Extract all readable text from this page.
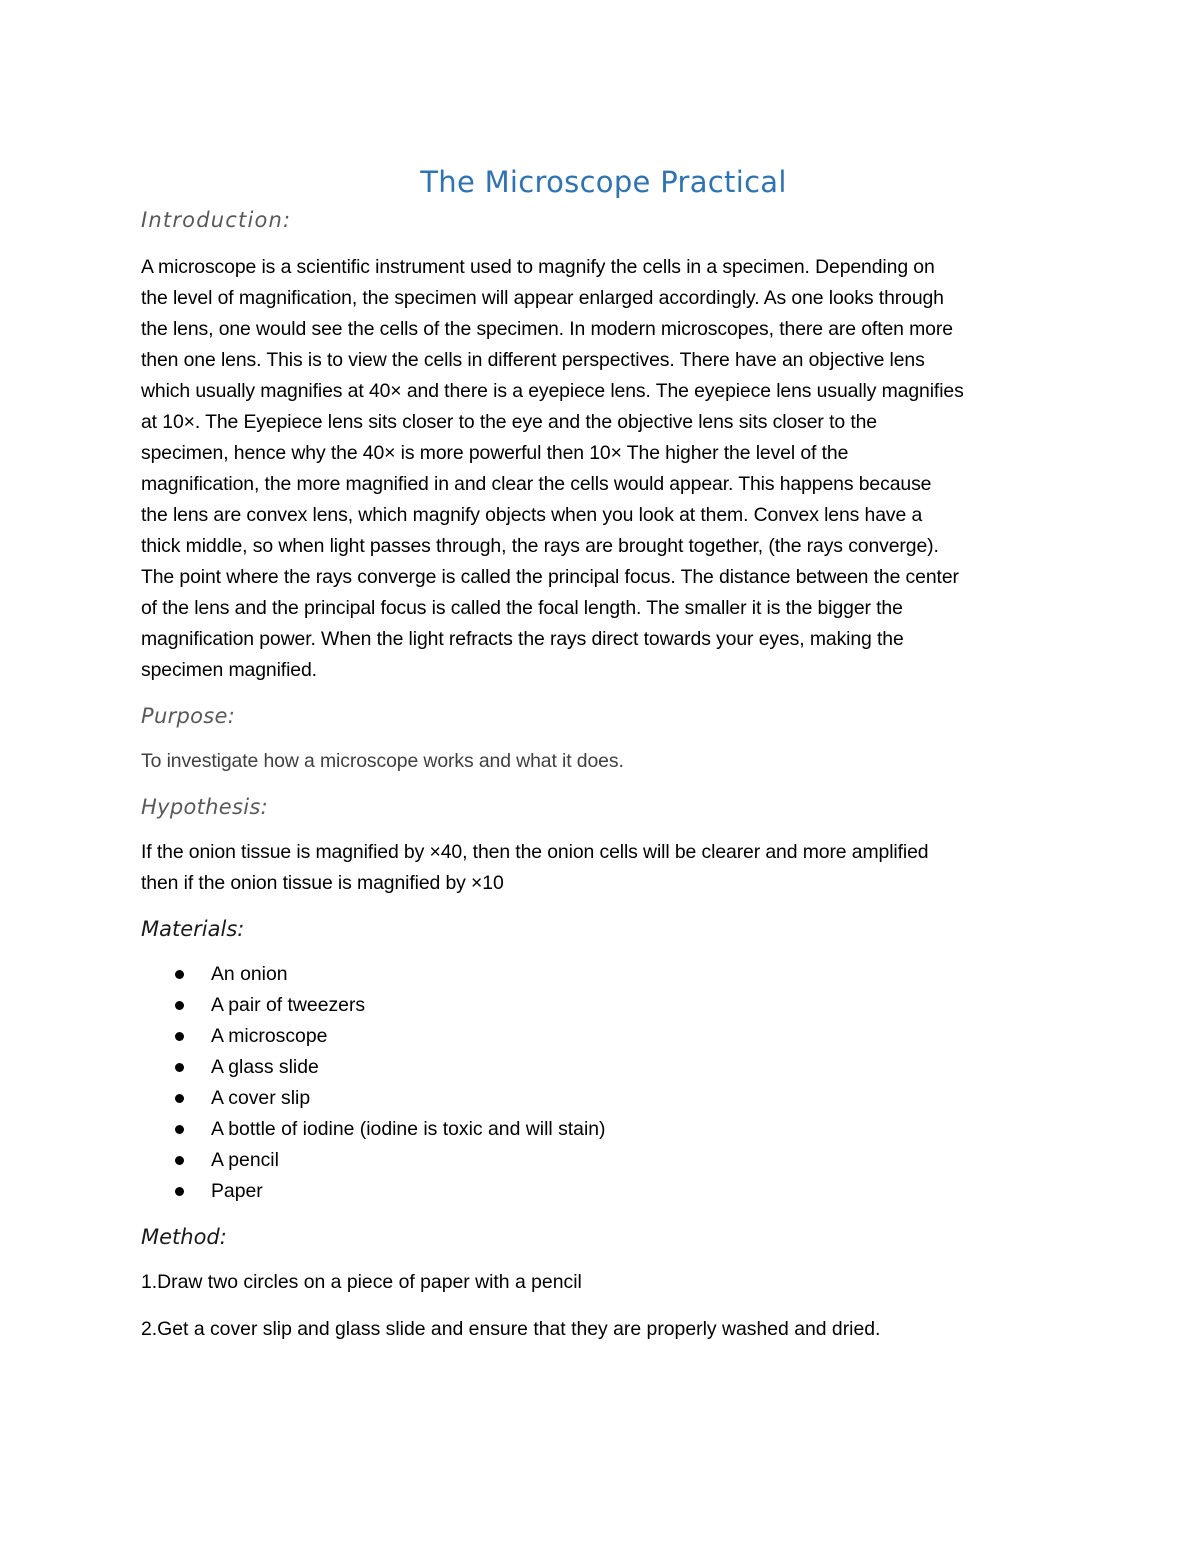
The Microscope Practical
Introduction:
A microscope is a scientific instrument used to magnify the cells in a specimen. Depending on
the level of magnification, the specimen will appear enlarged accordingly. As one looks through
the lens, one would see the cells of the specimen. In modern microscopes, there are often more
then one lens. This is to view the cells in different perspectives. There have an objective lens
which usually magnifies at 40× and there is a eyepiece lens. The eyepiece lens usually magnifies
at 10×. The Eyepiece lens sits closer to the eye and the objective lens sits closer to the
specimen, hence why the 40× is more powerful then 10× The higher the level of the
magnification, the more magnified in and clear the cells would appear. This happens because
the lens are convex lens, which magnify objects when you look at them. Convex lens have a
thick middle, so when light passes through, the rays are brought together, (the rays converge).
The point where the rays converge is called the principal focus. The distance between the center
of the lens and the principal focus is called the focal length. The smaller it is the bigger the
magnification power. When the light refracts the rays direct towards your eyes, making the
specimen magnified.
Purpose:
To investigate how a microscope works and what it does.
Hypothesis:
If the onion tissue is magnified by ×40, then the onion cells will be clearer and more amplified
then if the onion tissue is magnified by ×10
Materials:
An onion
A pair of tweezers
A microscope
A glass slide
A cover slip
A bottle of iodine (iodine is toxic and will stain)
A pencil
Paper
Method:
1.Draw two circles on a piece of paper with a pencil
2.Get a cover slip and glass slide and ensure that they are properly washed and dried.
